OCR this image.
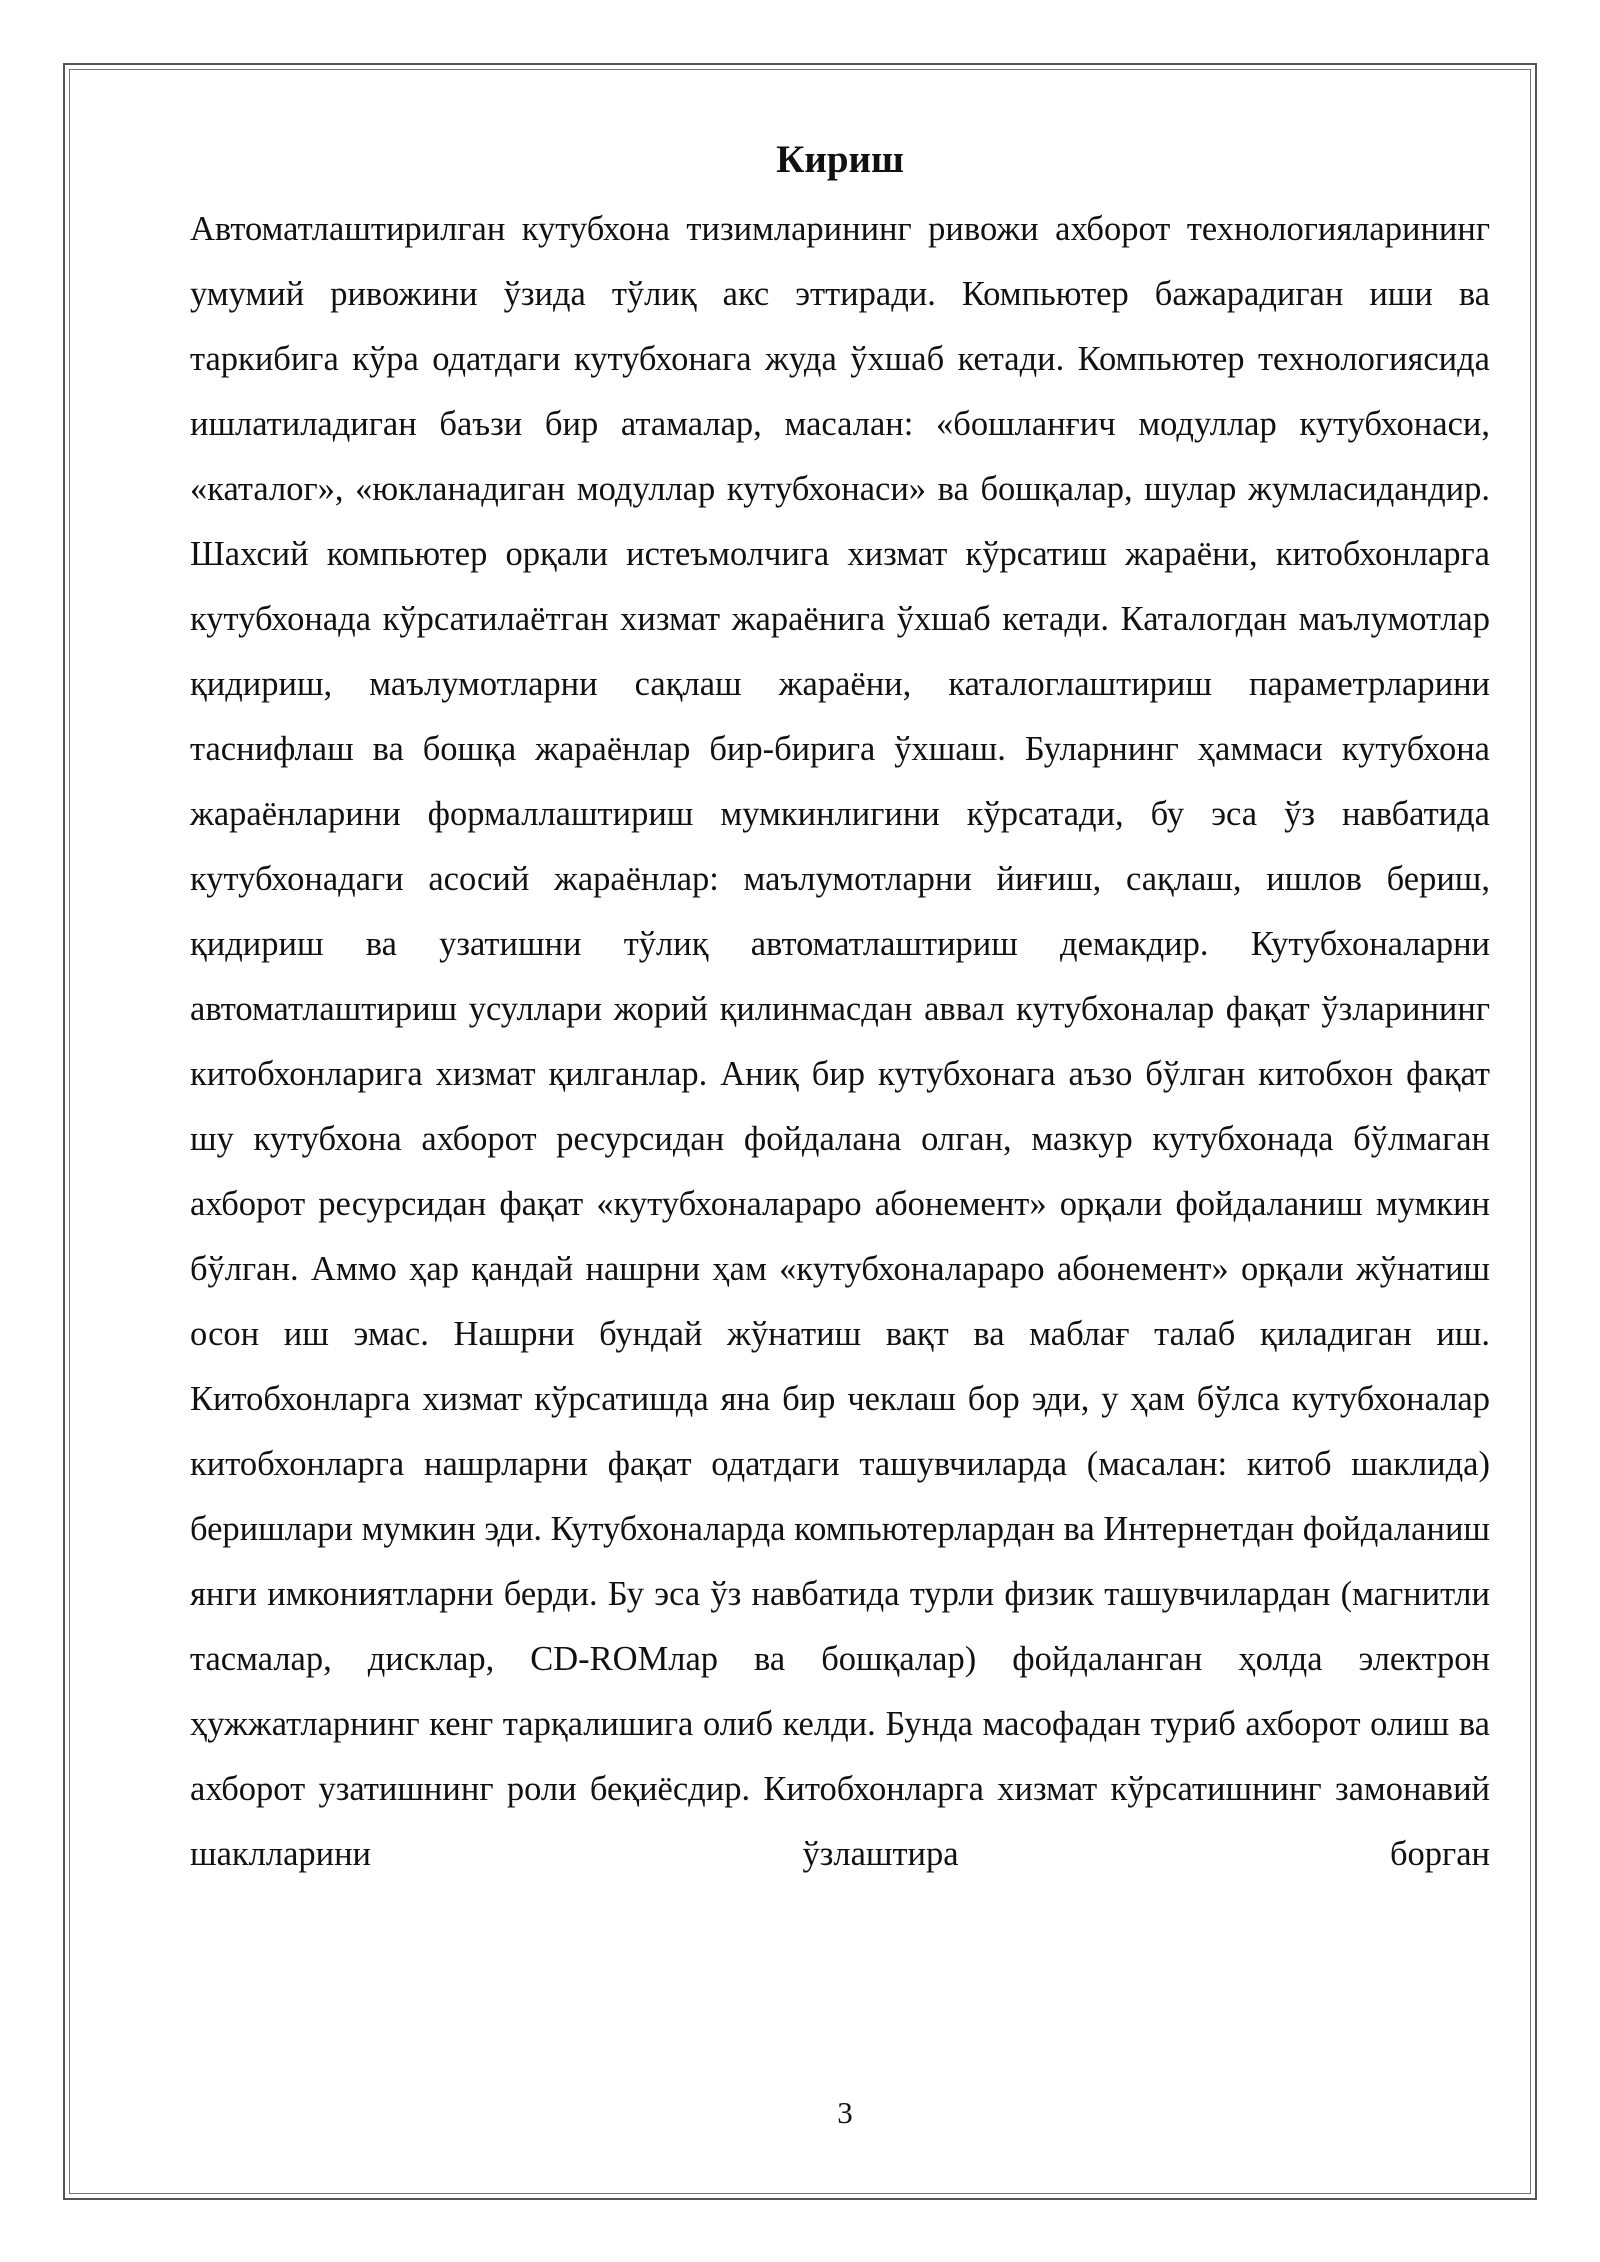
Кириш

Автоматлаштирилган кутубхона тизимларининг ривожи ахборот технологияларининг умумий ривожини ўзида тўлиқ акс эттиради. Компьютер бажарадиган иши ва таркибига кўра одатдаги кутубхонага жуда ўхшаб кетади. Компьютер технологиясида ишлатиладиган баъзи бир атамалар, масалан: «бошланғич модуллар кутубхонаси, «каталог», «юкланадиган модуллар кутубхонаси» ва бошқалар, шулар жумласидандир. Шахсий компьютер орқали истеъмолчига хизмат кўрсатиш жараёни, китобхонларга кутубхонада кўрсатилаётган хизмат жараёнига ўхшаб кетади. Каталогдан маълумотлар қидириш, маълумотларни сақлаш жараёни, каталоглаштириш параметрларини таснифлаш ва бошқа жараёнлар бир-бирига ўхшаш. Буларнинг ҳаммаси кутубхона жараёнларини формаллаштириш мумкинлигини кўрсатади, бу эса ўз навбатида кутубхонадаги асосий жараёнлар: маълумотларни йиғиш, сақлаш, ишлов бериш, қидириш ва узатишни тўлиқ автоматлаштириш демакдир. Кутубхоналарни автоматлаштириш усуллари жорий қилинмасдан аввал кутубхоналар фақат ўзларининг китобхонларига хизмат қилганлар. Аниқ бир кутубхонага аъзо бўлган китобхон фақат шу кутубхона ахборот ресурсидан фойдалана олган, мазкур кутубхонада бўлмаган ахборот ресурсидан фақат «кутубхоналараро абонемент» орқали фойдаланиш мумкин бўлган. Аммо ҳар қандай нашрни ҳам «кутубхоналараро абонемент» орқали жўнатиш осон иш эмас. Нашрни бундай жўнатиш вақт ва маблағ талаб қиладиган иш. Китобхонларга хизмат кўрсатишда яна бир чеклаш бор эди, у ҳам бўлса кутубхоналар китобхонларга нашрларни фақат одатдаги ташувчиларда (масалан: китоб шаклида) беришлари мумкин эди. Кутубхоналарда компьютерлардан ва Интернетдан фойдаланиш янги имкониятларни берди. Бу эса ўз навбатида турли физик ташувчилардан (магнитли тасмалар, дисклар, CD-ROMлар ва бошқалар) фойдаланган ҳолда электрон ҳужжатларнинг кенг тарқалишига олиб келди. Бунда масофадан туриб ахборот олиш ва ахборот узатишнинг роли беқиёсдир. Китобхонларга хизмат кўрсатишнинг замонавий шаклларини ўзлаштира борган

3
